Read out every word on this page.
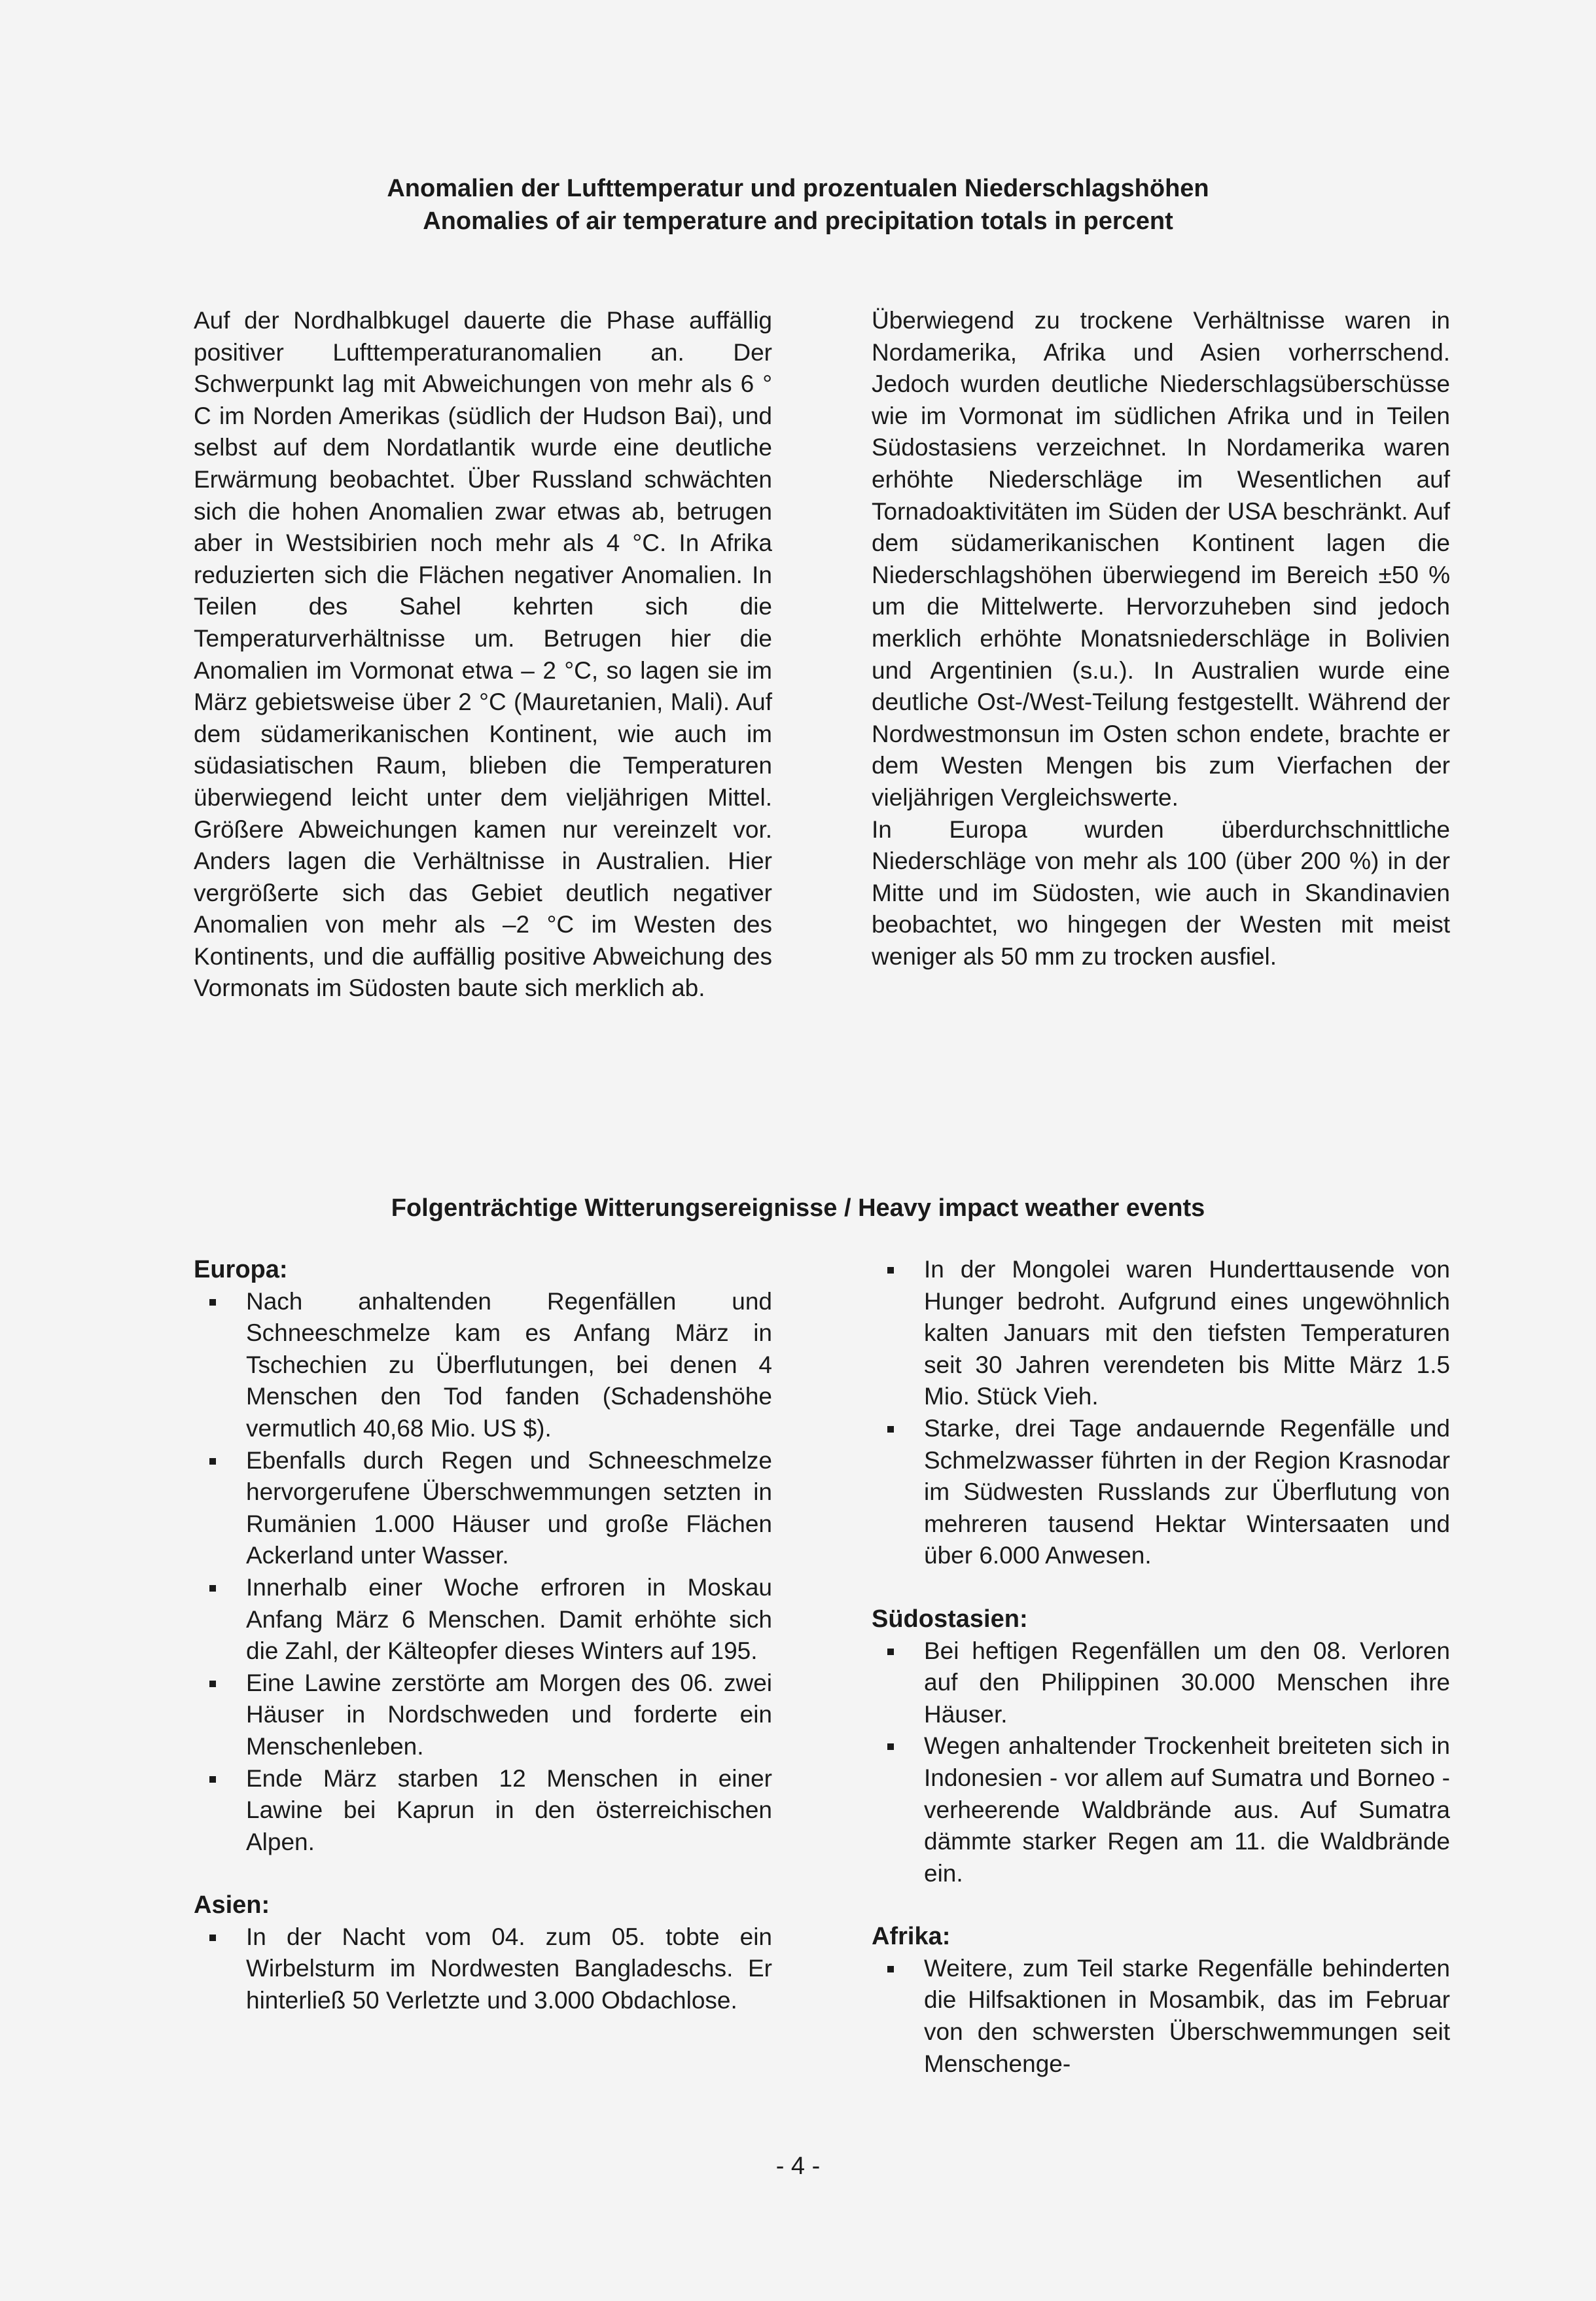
Anomalien der Lufttemperatur und prozentualen Niederschlagshöhen
Anomalies of air temperature and precipitation totals in percent

Auf der Nordhalbkugel dauerte die Phase auffällig positiver Lufttemperaturanomalien an. Der Schwerpunkt lag mit Abweichungen von mehr als 6 ° C im Norden Amerikas (südlich der Hudson Bai), und selbst auf dem Nordatlantik wurde eine deutliche Erwärmung beobachtet. Über Russland schwächten sich die hohen Anomalien zwar etwas ab, betrugen aber in Westsibirien noch mehr als 4 °C. In Afrika reduzierten sich die Flächen negativer Anomalien. In Teilen des Sahel kehrten sich die Temperaturverhältnisse um. Betrugen hier die Anomalien im Vormonat etwa – 2 °C, so lagen sie im März gebietsweise über 2 °C (Mauretanien, Mali). Auf dem südamerikanischen Kontinent, wie auch im südasiatischen Raum, blieben die Temperaturen überwiegend leicht unter dem vieljährigen Mittel. Größere Abweichungen kamen nur vereinzelt vor. Anders lagen die Verhältnisse in Australien. Hier vergrößerte sich das Gebiet deutlich negativer Anomalien von mehr als –2 °C im Westen des Kontinents, und die auffällig positive Abweichung des Vormonats im Südosten baute sich merklich ab.

Überwiegend zu trockene Verhältnisse waren in Nordamerika, Afrika und Asien vorherrschend. Jedoch wurden deutliche Niederschlagsüberschüsse wie im Vormonat im südlichen Afrika und in Teilen Südostasiens verzeichnet. In Nordamerika waren erhöhte Niederschläge im Wesentlichen auf Tornadoaktivitäten im Süden der USA beschränkt. Auf dem südamerikanischen Kontinent lagen die Niederschlagshöhen überwiegend im Bereich ±50 % um die Mittelwerte. Hervorzuheben sind jedoch merklich erhöhte Monatsniederschläge in Bolivien und Argentinien (s.u.). In Australien wurde eine deutliche Ost-/West-Teilung festgestellt. Während der Nordwestmonsun im Osten schon endete, brachte er dem Westen Mengen bis zum Vierfachen der vieljährigen Vergleichswerte.

In Europa wurden überdurchschnittliche Niederschläge von mehr als 100 (über 200 %) in der Mitte und im Südosten, wie auch in Skandinavien beobachtet, wo hingegen der Westen mit meist weniger als 50 mm zu trocken ausfiel.

Folgenträchtige Witterungsereignisse / Heavy impact weather events
Europa:
Nach anhaltenden Regenfällen und Schneeschmelze kam es Anfang März in Tschechien zu Überflutungen, bei denen 4 Menschen den Tod fanden (Schadenshöhe vermutlich 40,68 Mio. US $).
Ebenfalls durch Regen und Schneeschmelze hervorgerufene Überschwemmungen setzten in Rumänien 1.000 Häuser und große Flächen Ackerland unter Wasser.
Innerhalb einer Woche erfroren in Moskau Anfang März 6 Menschen. Damit erhöhte sich die Zahl, der Kälteopfer dieses Winters auf 195.
Eine Lawine zerstörte am Morgen des 06. zwei Häuser in Nordschweden und forderte ein Menschenleben.
Ende März starben 12 Menschen in einer Lawine bei Kaprun in den österreichischen Alpen.
Asien:
In der Nacht vom 04. zum 05. tobte ein Wirbelsturm im Nordwesten Bangladeschs. Er hinterließ 50 Verletzte und 3.000 Obdachlose.
In der Mongolei waren Hunderttausende von Hunger bedroht. Aufgrund eines ungewöhnlich kalten Januars mit den tiefsten Temperaturen seit 30 Jahren verendeten bis Mitte März 1.5 Mio. Stück Vieh.
Starke, drei Tage andauernde Regenfälle und Schmelzwasser führten in der Region Krasnodar im Südwesten Russlands zur Überflutung von mehreren tausend Hektar Wintersaaten und über 6.000 Anwesen.
Südostasien:
Bei heftigen Regenfällen um den 08. Verloren auf den Philippinen 30.000 Menschen ihre Häuser.
Wegen anhaltender Trockenheit breiteten sich in Indonesien - vor allem auf Sumatra und Borneo - verheerende Waldbrände aus. Auf Sumatra dämmte starker Regen am 11. die Waldbrände ein.
Afrika:
Weitere, zum Teil starke Regenfälle behinderten die Hilfsaktionen in Mosambik, das im Februar von den schwersten Überschwemmungen seit Menschenge-
- 4 -
